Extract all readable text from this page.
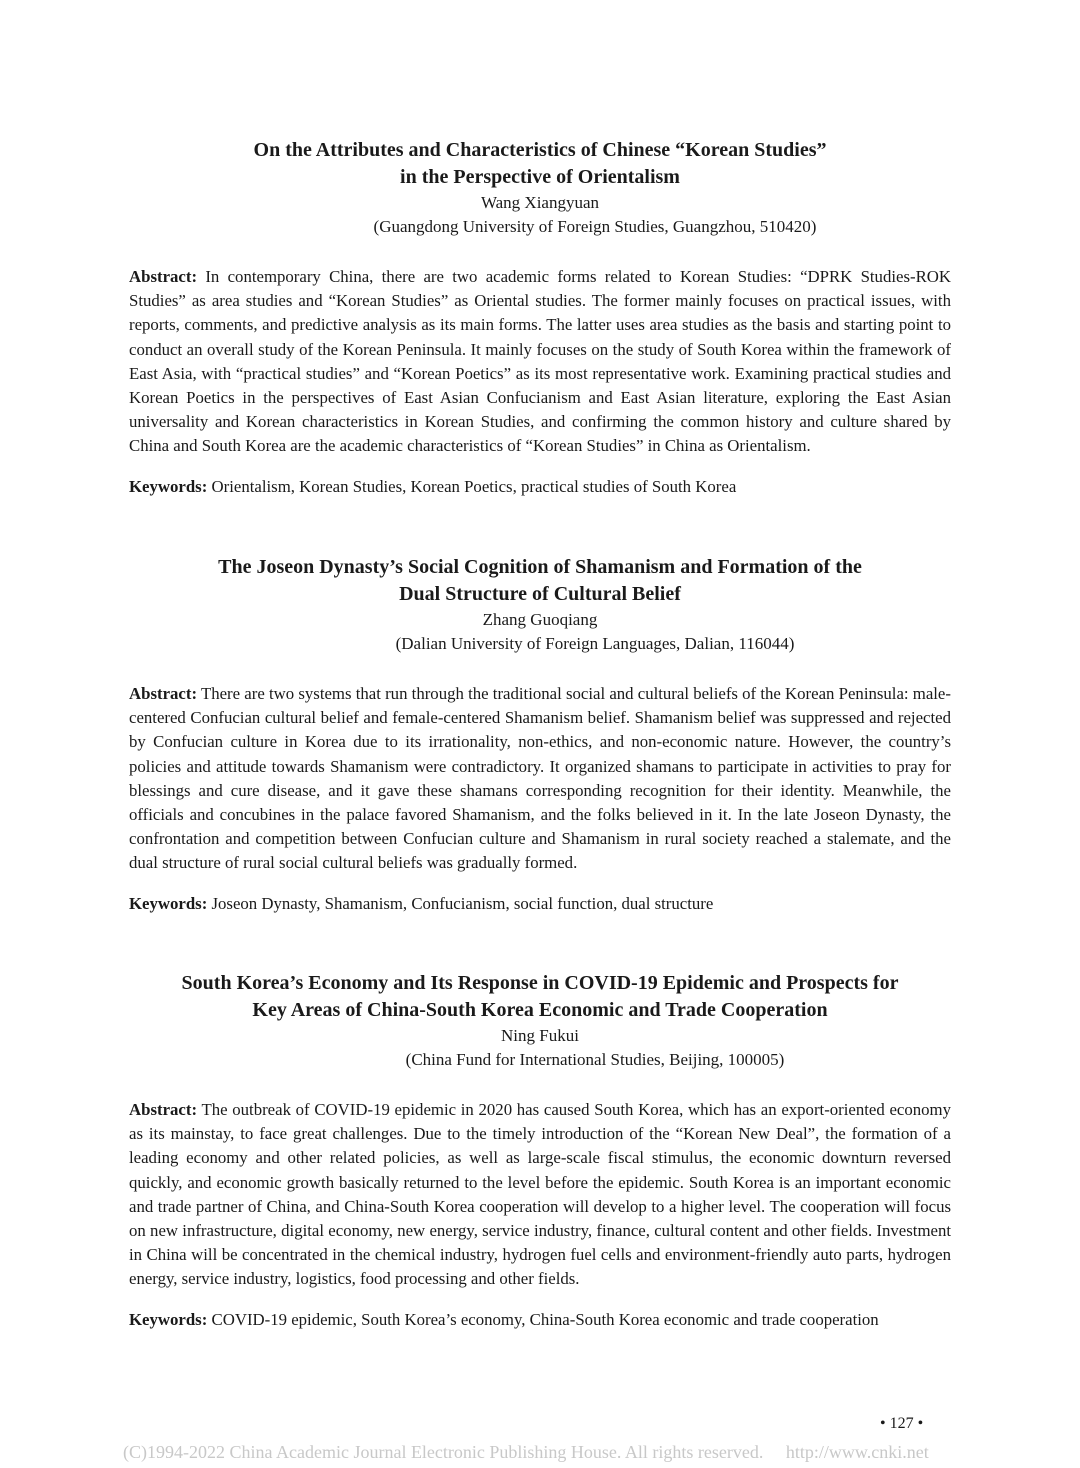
On the Attributes and Characteristics of Chinese “Korean Studies”
in the Perspective of Orientalism

Wang Xiangyuan

(Guangdong University of Foreign Studies, Guangzhou, 510420)

Abstract: In contemporary China, there are two academic forms related to Korean Studies: “DPRK Studies-ROK Studies” as area studies and “Korean Studies” as Oriental studies. The former mainly focuses on practical issues, with reports, comments, and predictive analysis as its main forms. The latter uses area studies as the basis and starting point to conduct an overall study of the Korean Peninsula. It mainly focuses on the study of South Korea within the framework of East Asia, with “practical studies” and “Korean Poetics” as its most representative work. Examining practical studies and Korean Poetics in the perspectives of East Asian Confucianism and East Asian literature, exploring the East Asian universality and Korean characteristics in Korean Studies, and confirming the common history and culture shared by China and South Korea are the academic characteristics of “Korean Studies” in China as Orientalism.

Keywords: Orientalism, Korean Studies, Korean Poetics, practical studies of South Korea

The Joseon Dynasty’s Social Cognition of Shamanism and Formation of the
Dual Structure of Cultural Belief

Zhang Guoqiang

(Dalian University of Foreign Languages, Dalian, 116044)

Abstract: There are two systems that run through the traditional social and cultural beliefs of the Korean Peninsula: male-centered Confucian cultural belief and female-centered Shamanism belief. Shamanism belief was suppressed and rejected by Confucian culture in Korea due to its irrationality, non-ethics, and non-economic nature. However, the country’s policies and attitude towards Shamanism were contradictory. It organized shamans to participate in activities to pray for blessings and cure disease, and it gave these shamans corresponding recognition for their identity. Meanwhile, the officials and concubines in the palace favored Shamanism, and the folks believed in it. In the late Joseon Dynasty, the confrontation and competition between Confucian culture and Shamanism in rural society reached a stalemate, and the dual structure of rural social cultural beliefs was gradually formed.

Keywords: Joseon Dynasty, Shamanism, Confucianism, social function, dual structure

South Korea’s Economy and Its Response in COVID-19 Epidemic and Prospects for
Key Areas of China-South Korea Economic and Trade Cooperation

Ning Fukui

(China Fund for International Studies, Beijing, 100005)

Abstract: The outbreak of COVID-19 epidemic in 2020 has caused South Korea, which has an export-oriented economy as its mainstay, to face great challenges. Due to the timely introduction of the “Korean New Deal”, the formation of a leading economy and other related policies, as well as large-scale fiscal stimulus, the economic downturn reversed quickly, and economic growth basically returned to the level before the epidemic. South Korea is an important economic and trade partner of China, and China-South Korea cooperation will develop to a higher level. The cooperation will focus on new infrastructure, digital economy, new energy, service industry, finance, cultural content and other fields. Investment in China will be concentrated in the chemical industry, hydrogen fuel cells and environment-friendly auto parts, hydrogen energy, service industry, logistics, food processing and other fields.

Keywords: COVID-19 epidemic, South Korea’s economy, China-South Korea economic and trade cooperation

• 127 •
(C)1994-2022 China Academic Journal Electronic Publishing House. All rights reserved. http://www.cnki.net
